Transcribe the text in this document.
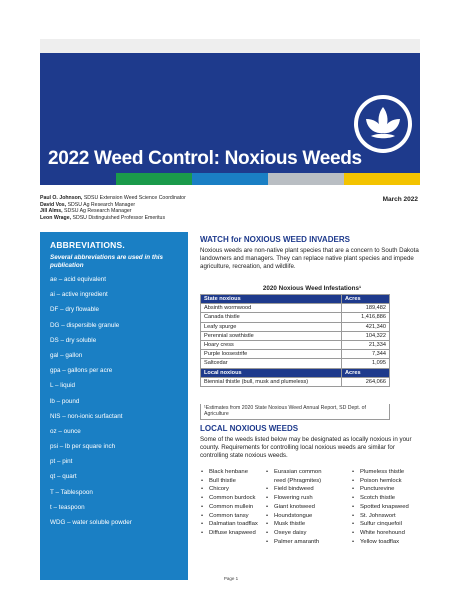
2022 Weed Control: Noxious Weeds
Paul O. Johnson, SDSU Extension Weed Science Coordinator
David Vos, SDSU Ag Research Manager
Jill Alms, SDSU Ag Research Manager
Leon Wrage, SDSU Distinguished Professor Emeritus
March 2022
ABBREVIATIONS.
Several abbreviations are used in this publication
ae – acid equivalent
ai – active ingredient
DF – dry flowable
DG – dispersible granule
DS – dry soluble
gal – gallon
gpa – gallons per acre
L – liquid
lb – pound
NIS – non-ionic surfactant
oz – ounce
psi – lb per square inch
pt – pint
qt – quart
T – Tablespoon
t – teaspoon
WDG – water soluble powder
WATCH for NOXIOUS WEED INVADERS
Noxious weeds are non-native plant species that are a concern to South Dakota landowners and managers. They can replace native plant species and impede agriculture, recreation, and wildlife.
2020 Noxious Weed Infestations¹
State noxious	Acres
Absinth wormwood	189,482
Canada thistle	1,416,886
Leafy spurge	421,340
Perennial sowthistle	104,322
Hoary cress	21,334
Purple loosestrife	7,344
Saltcedar	1,095
Local noxious	Acres
Biennial thistle (bull, musk and plumeless)	264,066
¹Estimates from 2020 State Noxious Weed Annual Report, SD Dept. of Agriculture
LOCAL NOXIOUS WEEDS
Some of the weeds listed below may be designated as locally noxious in your county. Requirements for controlling local noxious weeds are similar for controlling state noxious weeds.
• Black henbane
• Bull thistle
• Chicory
• Common burdock
• Common mullein
• Common tansy
• Dalmatian toadflax
• Diffuse knapweed
• Eurasian common
reed (Phragmites)
• Field bindweed
• Flowering rush
• Giant knotweed
• Houndstongue
• Musk thistle
• Oxeye daisy
• Palmer amaranth
• Plumeless thistle
• Poison hemlock
• Puncturevine
• Scotch thistle
• Spotted knapweed
• St. Johnswort
• Sulfur cinquefoil
• White horehound
• Yellow toadflax
Page 1
